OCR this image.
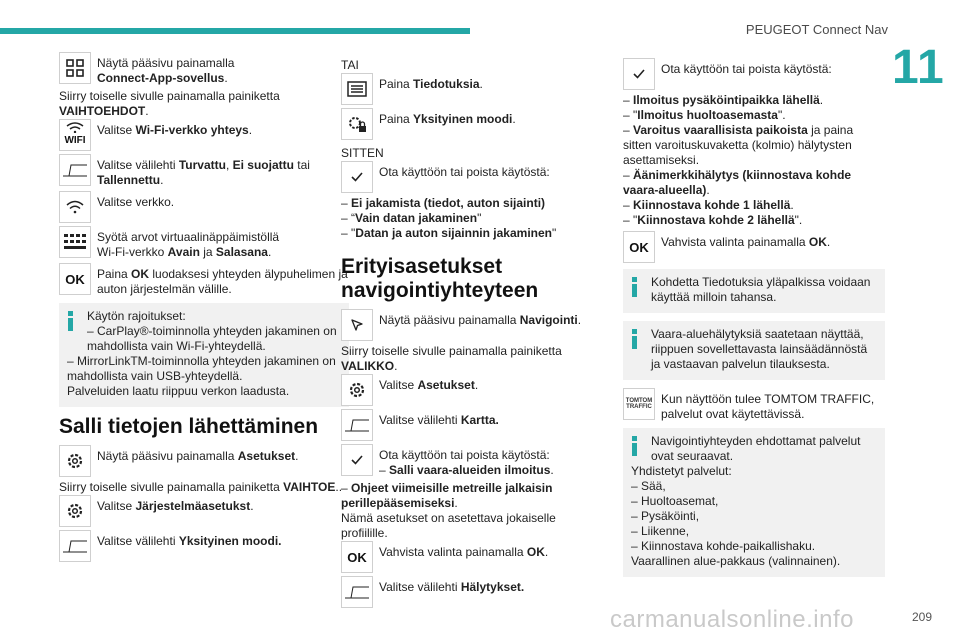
PEUGEOT Connect Nav
11
Näytä pääsivu painamalla
Connect-App-sovellus.

Siirry toiselle sivulle painamalla painiketta VAIHTOEHDOT.

WIFI
Valitse Wi-Fi-verkko yhteys.
Valitse välilehti Turvattu, Ei suojattu tai Tallennettu.
Valitse verkko.
Syötä arvot virtuaalinäppäimistöllä
Wi-Fi-verkko Avain ja Salasana.
OK Paina OK luodaksesi yhteyden älypuhelimen ja auton järjestelmän välille.
Käytön rajoitukset:
– CarPlay®-toiminnolla yhteyden jakaminen on mahdollista vain Wi-Fi-yhteydellä.
– MirrorLinkTM-toiminnolla yhteyden jakaminen on mahdollista vain USB-yhteydellä.
Palveluiden laatu riippuu verkon laadusta.
Salli tietojen lähettäminen
Näytä pääsivu painamalla Asetukset.

Siirry toiselle sivulle painamalla painiketta VAIHTOE..

Valitse Järjestelmäasetukst.
Valitse välilehti Yksityinen moodi.

TAI

Paina Tiedotuksia.
Paina Yksityinen moodi.

SITTEN

Ota käyttöön tai poista käytöstä:
– Ei jakamista (tiedot, auton sijainti)
– “Vain datan jakaminen"
– "Datan ja auton sijainnin jakaminen"
Erityisasetukset navigointiyhteyteen
Näytä pääsivu painamalla Navigointi.

Siirry toiselle sivulle painamalla painiketta VALIKKO.

Valitse Asetukset.
Valitse välilehti Kartta.
Ota käyttöön tai poista käytöstä:
– Salli vaara-alueiden ilmoitus.
– Ohjeet viimeisille metreille jalkaisin perillepääsemiseksi.

Nämä asetukset on asetettava jokaiselle profiilille.

OK Vahvista valinta painamalla OK.
Valitse välilehti Hälytykset.
Ota käyttöön tai poista käytöstä:
– Ilmoitus pysäköintipaikka lähellä.
– "Ilmoitus huoltoasemasta".
– Varoitus vaarallisista paikoista ja paina sitten varoituskuvaketta (kolmio) hälytysten asettamiseksi.
– Äänimerkkihälytys (kiinnostava kohde vaara-alueella).
– Kiinnostava kohde 1 lähellä.
– "Kiinnostava kohde 2 lähellä".
OK Vahvista valinta painamalla OK.
Kohdetta Tiedotuksia yläpalkissa voidaan käyttää milloin tahansa.
Vaara-aluehälytyksiä saatetaan näyttää, riippuen sovellettavasta lainsäädännöstä ja vastaavan palvelun tilauksesta.
TOMTOM TRAFFIC
Kun näyttöön tulee TOMTOM TRAFFIC, palvelut ovat käytettävissä.
Navigointiyhteyden ehdottamat palvelut ovat seuraavat.
Yhdistetyt palvelut:
– Sää,
– Huoltoasemat,
– Pysäköinti,
– Liikenne,
– Kiinnostava kohde-paikallishaku.
Vaarallinen alue-pakkaus (valinnainen).
carmanualsonline.info	209
